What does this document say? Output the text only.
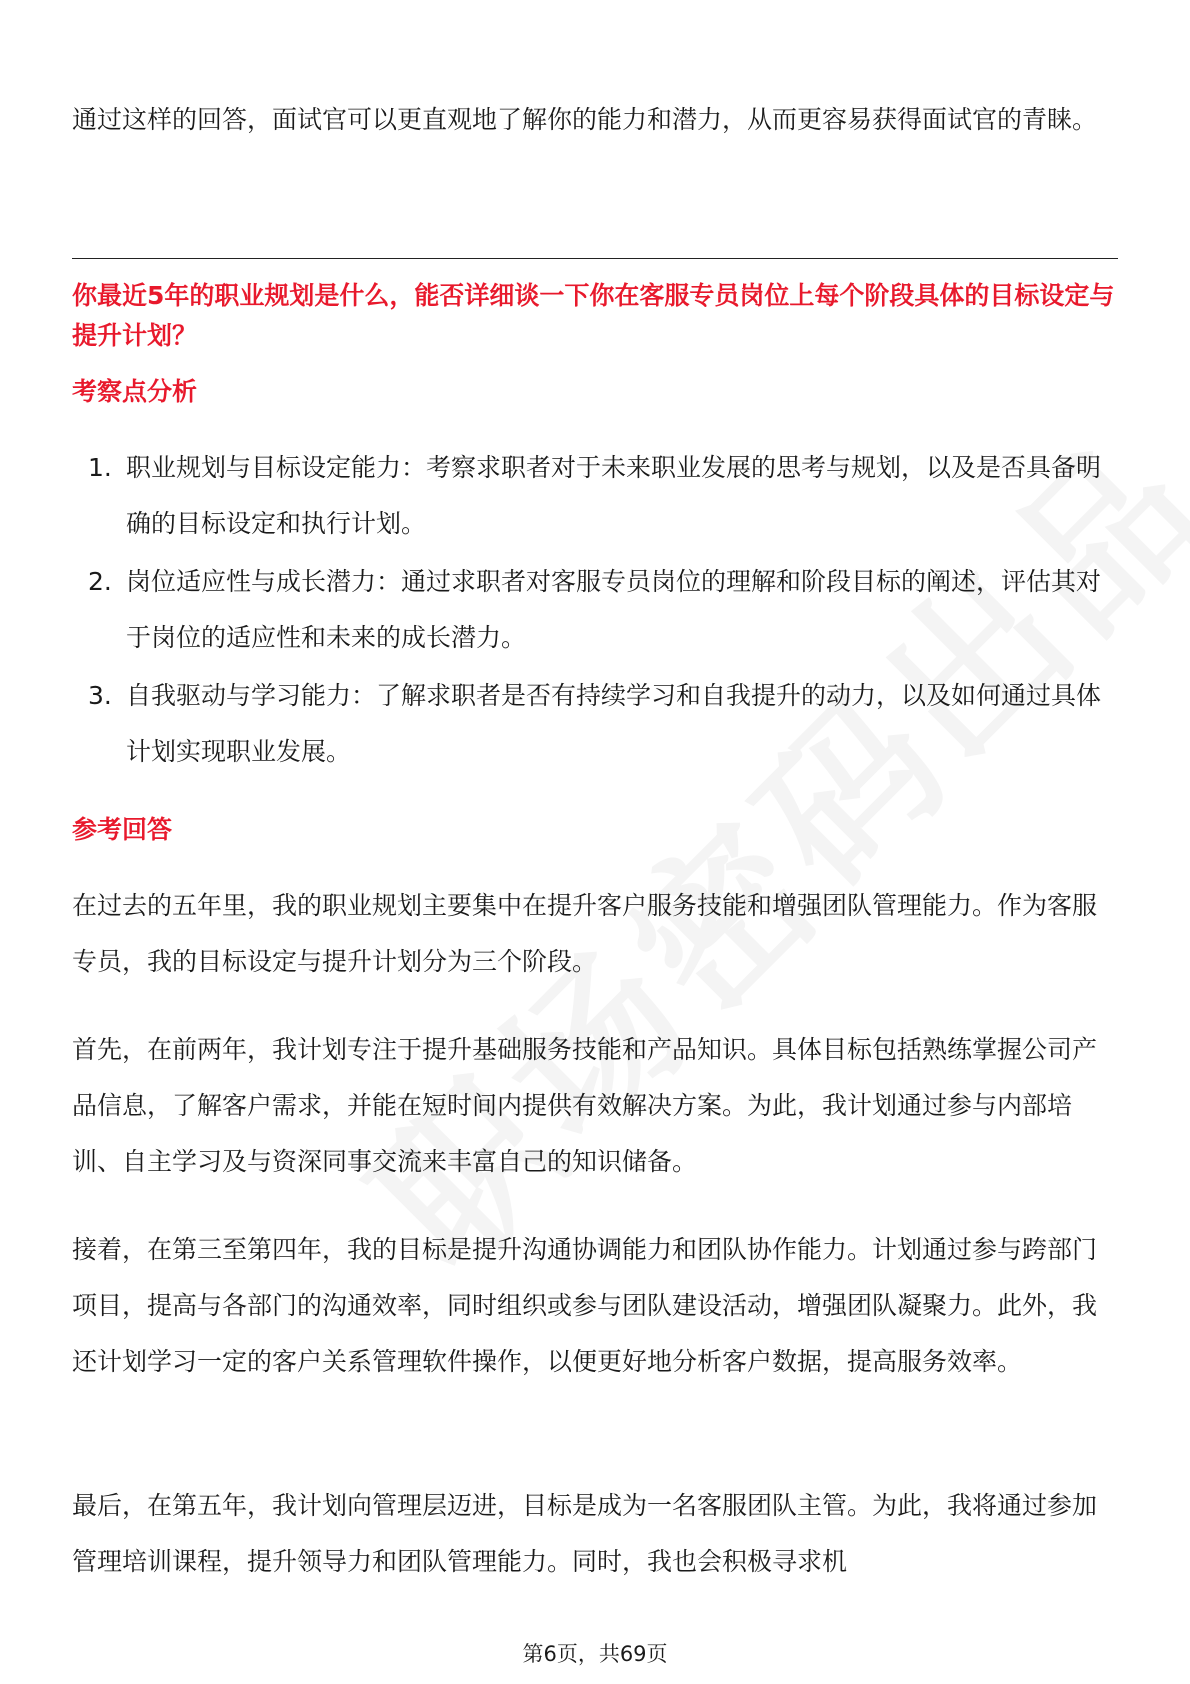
通过这样的回答，面试官可以更直观地了解你的能力和潜力，从而更容易获得面试官的青睐。

你最近5年的职业规划是什么，能否详细谈一下你在客服专员岗位上每个阶段具体的目标设定与提升计划？
考察点分析
1. 职业规划与目标设定能力：考察求职者对于未来职业发展的思考与规划，以及是否具备明确的目标设定和执行计划。
2. 岗位适应性与成长潜力：通过求职者对客服专员岗位的理解和阶段目标的阐述，评估其对于岗位的适应性和未来的成长潜力。
3. 自我驱动与学习能力：了解求职者是否有持续学习和自我提升的动力，以及如何通过具体计划实现职业发展。
参考回答

在过去的五年里，我的职业规划主要集中在提升客户服务技能和增强团队管理能力。作为客服专员，我的目标设定与提升计划分为三个阶段。

首先，在前两年，我计划专注于提升基础服务技能和产品知识。具体目标包括熟练掌握公司产品信息，了解客户需求，并能在短时间内提供有效解决方案。为此，我计划通过参与内部培训、自主学习及与资深同事交流来丰富自己的知识储备。

接着，在第三至第四年，我的目标是提升沟通协调能力和团队协作能力。计划通过参与跨部门项目，提高与各部门的沟通效率，同时组织或参与团队建设活动，增强团队凝聚力。此外，我还计划学习一定的客户关系管理软件操作，以便更好地分析客户数据，提高服务效率。

最后，在第五年，我计划向管理层迈进，目标是成为一名客服团队主管。为此，我将通过参加管理培训课程，提升领导力和团队管理能力。同时，我也会积极寻求机

第6页，共69页
